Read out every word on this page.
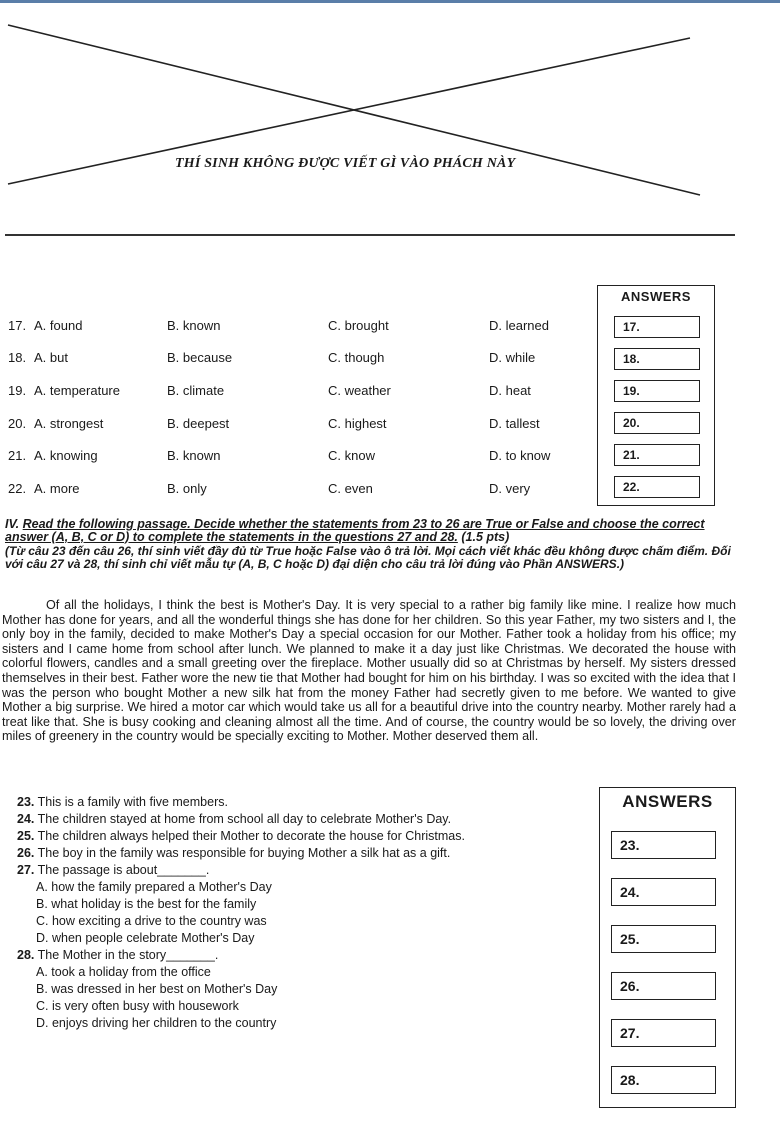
THÍ SINH KHÔNG ĐƯỢC VIẾT GÌ VÀO PHÁCH NÀY
17. A. found	B. known	C. brought	D. learned
18. A. but	B. because	C. though	D. while
19. A. temperature	B. climate	C. weather	D. heat
20. A. strongest	B. deepest	C. highest	D. tallest
21. A. knowing	B. known	C. know	D. to know
22. A. more	B. only	C. even	D. very
ANSWERS
17.
18.
19.
20.
21.
22.
IV. Read the following passage. Decide whether the statements from 23 to 26 are True or False and choose the correct answer (A, B, C or D) to complete the statements in the questions 27 and 28. (1.5 pts)
(Từ câu 23 đến câu 26, thí sinh viết đầy đủ từ True hoặc False vào ô trả lời. Mọi cách viết khác đều không được chấm điểm. Đối với câu 27 và 28, thí sinh chỉ viết mẫu tự (A, B, C hoặc D) đại diện cho câu trả lời đúng vào Phần ANSWERS.)
Of all the holidays, I think the best is Mother's Day. It is very special to a rather big family like mine. I realize how much Mother has done for years, and all the wonderful things she has done for her children. So this year Father, my two sisters and I, the only boy in the family, decided to make Mother's Day a special occasion for our Mother. Father took a holiday from his office; my sisters and I came home from school after lunch. We planned to make it a day just like Christmas. We decorated the house with colorful flowers, candles and a small greeting over the fireplace. Mother usually did so at Christmas by herself. My sisters dressed themselves in their best. Father wore the new tie that Mother had bought for him on his birthday. I was so excited with the idea that I was the person who bought Mother a new silk hat from the money Father had secretly given to me before. We wanted to give Mother a big surprise. We hired a motor car which would take us all for a beautiful drive into the country nearby. Mother rarely had a treat like that. She is busy cooking and cleaning almost all the time. And of course, the country would be so lovely, the driving over miles of greenery in the country would be specially exciting to Mother. Mother deserved them all.
23. This is a family with five members.
24. The children stayed at home from school all day to celebrate Mother's Day.
25. The children always helped their Mother to decorate the house for Christmas.
26. The boy in the family was responsible for buying Mother a silk hat as a gift.
27. The passage is about_______.
A. how the family prepared a Mother's Day
B. what holiday is the best for the family
C. how exciting a drive to the country was
D. when people celebrate Mother's Day
28. The Mother in the story_______.
A. took a holiday from the office
B. was dressed in her best on Mother's Day
C. is very often busy with housework
D. enjoys driving her children to the country
ANSWERS
23.
24.
25.
26.
27.
28.
